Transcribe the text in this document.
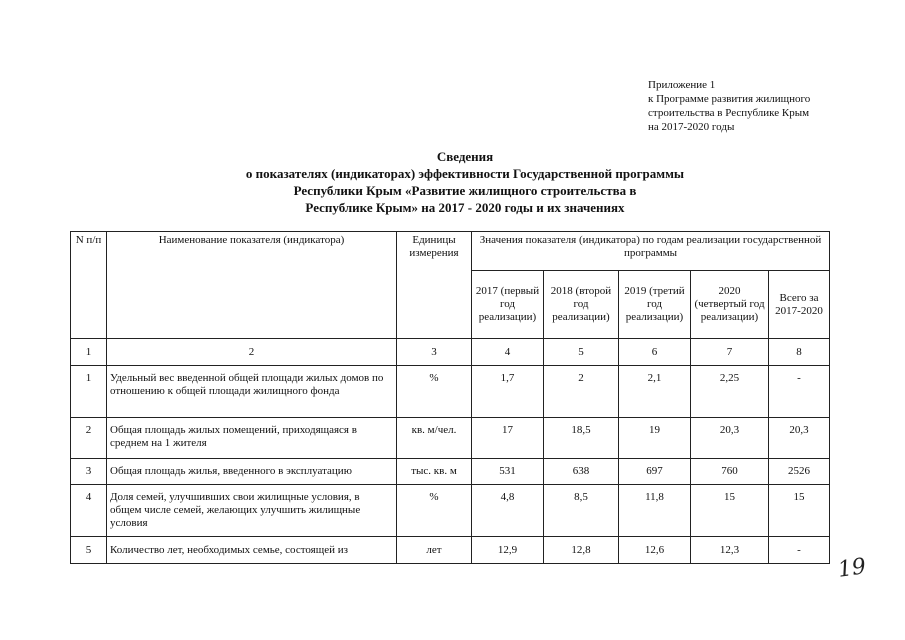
Приложение 1
к Программе развития жилищного
строительства в Республике Крым
на 2017-2020 годы
Сведения
о показателях (индикаторах) эффективности Государственной программы
Республики Крым «Развитие жилищного строительства в
Республике Крым» на 2017 - 2020 годы и их значениях
N п/п	Наименование показателя (индикатора)	Единицы измерения	Значения показателя (индикатора) по годам реализации государственной программы				
			2017 (первый год реализации)	2018 (второй год реализации)	2019 (третий год реализации)	2020 (четвертый год реализации)	Всего за 2017-2020
1	2	3	4	5	6	7	8
1	Удельный вес введенной общей площади жилых домов по отношению к общей площади жилищного фонда	%	1,7	2	2,1	2,25	-
2	Общая площадь жилых помещений, приходящаяся в среднем на 1 жителя	кв. м/чел.	17	18,5	19	20,3	20,3
3	Общая площадь жилья, введенного в эксплуатацию	тыс. кв. м	531	638	697	760	2526
4	Доля семей, улучшивших свои жилищные условия, в общем числе семей, желающих улучшить жилищные условия	%	4,8	8,5	11,8	15	15
5	Количество лет, необходимых семье, состоящей из	лет	12,9	12,8	12,6	12,3	-
19
